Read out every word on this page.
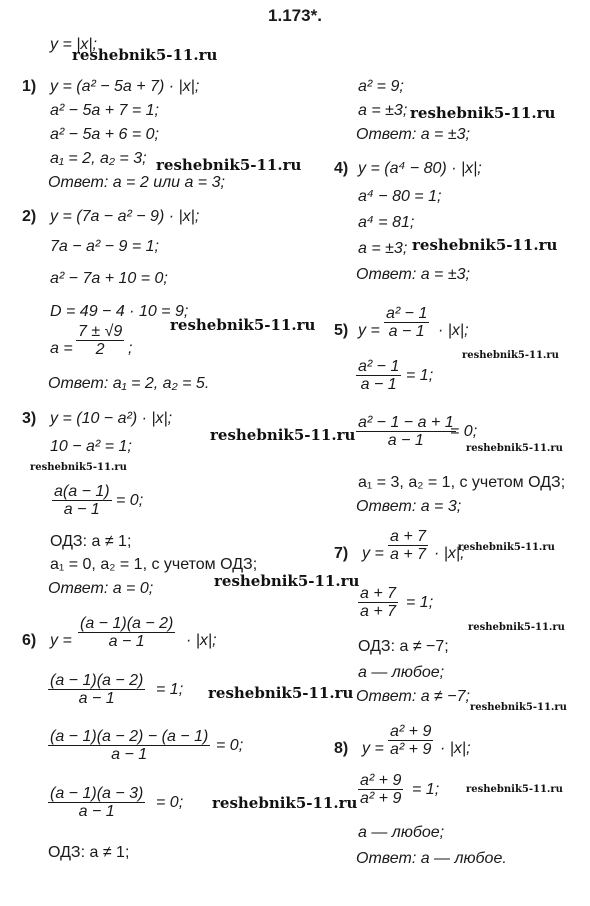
1.173*.
y = |x|;
1) y = (a² − 5a + 7) · |x|;
a² − 5a + 7 = 1;
a² − 5a + 6 = 0;
a₁ = 2, a₂ = 3;
Ответ: a = 2 или a = 3;
2) y = (7a − a² − 9) · |x|;
7a − a² − 9 = 1;
a² − 7a + 10 = 0;
D = 49 − 4 · 10 = 9;
$a = \frac{7 \pm √9}{2}$ ;
Ответ: a₁ = 2, a₂ = 5.
3) y = (10 − a²) · |x|;
10 − a² = 1;
$\frac{a(a - 1)}{a - 1} = 0$;
ОДЗ: a ≠ 1;
a₁ = 0, a₂ = 1, с учетом ОДЗ;
Ответ: a = 0;
6) $y = \frac{(a - 1)(a - 2)}{a - 1} \cdot |x|$;
$\frac{(a - 1)(a - 2)}{a - 1} = 1$;
$\frac{(a - 1)(a - 2) - (a - 1)}{a - 1} = 0$;
$\frac{(a - 1)(a - 3)}{a - 1} = 0$;
ОДЗ: a ≠ 1;
a² = 9;
a = ±3;
Ответ: a = ±3;
4) y = (a⁴ − 80) · |x|;
a⁴ − 80 = 1;
a⁴ = 81;
a = ±3;
Ответ: a = ±3;
5) $y = \frac{\text{a² − 1}}{a - 1} \cdot |x|$;
$\frac{\text{a² − 1}}{a - 1} = 1$;
$\frac{\text{a² − 1 − a + 1}}{a - 1}$
= 0;
a₁ = 3, a₂ = 1, с учетом ОДЗ;
Ответ: a = 3;
7) $y = \frac{a + 7}{a + 7} \cdot |x|$;
$\frac{a + 7}{a + 7} = 1$;
ОДЗ: a ≠ −7;
a — любое;
Ответ: a ≠ −7;
8) $y = \frac{\text{a² + 9}}{\text{a² + 9}} \cdot |x|$;
$\frac{\text{a² + 9}}{\text{a² + 9}} = 1$;
a — любое;
Ответ: a — любое.
reshebnik5-11.ru
reshebnik5-11.ru
reshebnik5-11.ru
reshebnik5-11.ru
reshebnik5-11.ru
reshebnik5-11.ru
reshebnik5-11.ru
reshebnik5-11.ru
reshebnik5-11.ru
reshebnik5-11.ru
reshebnik5-11.ru
reshebnik5-11.ru
reshebnik5-11.ru
reshebnik5-11.ru
reshebnik5-11.ru
reshebnik5-11.ru
